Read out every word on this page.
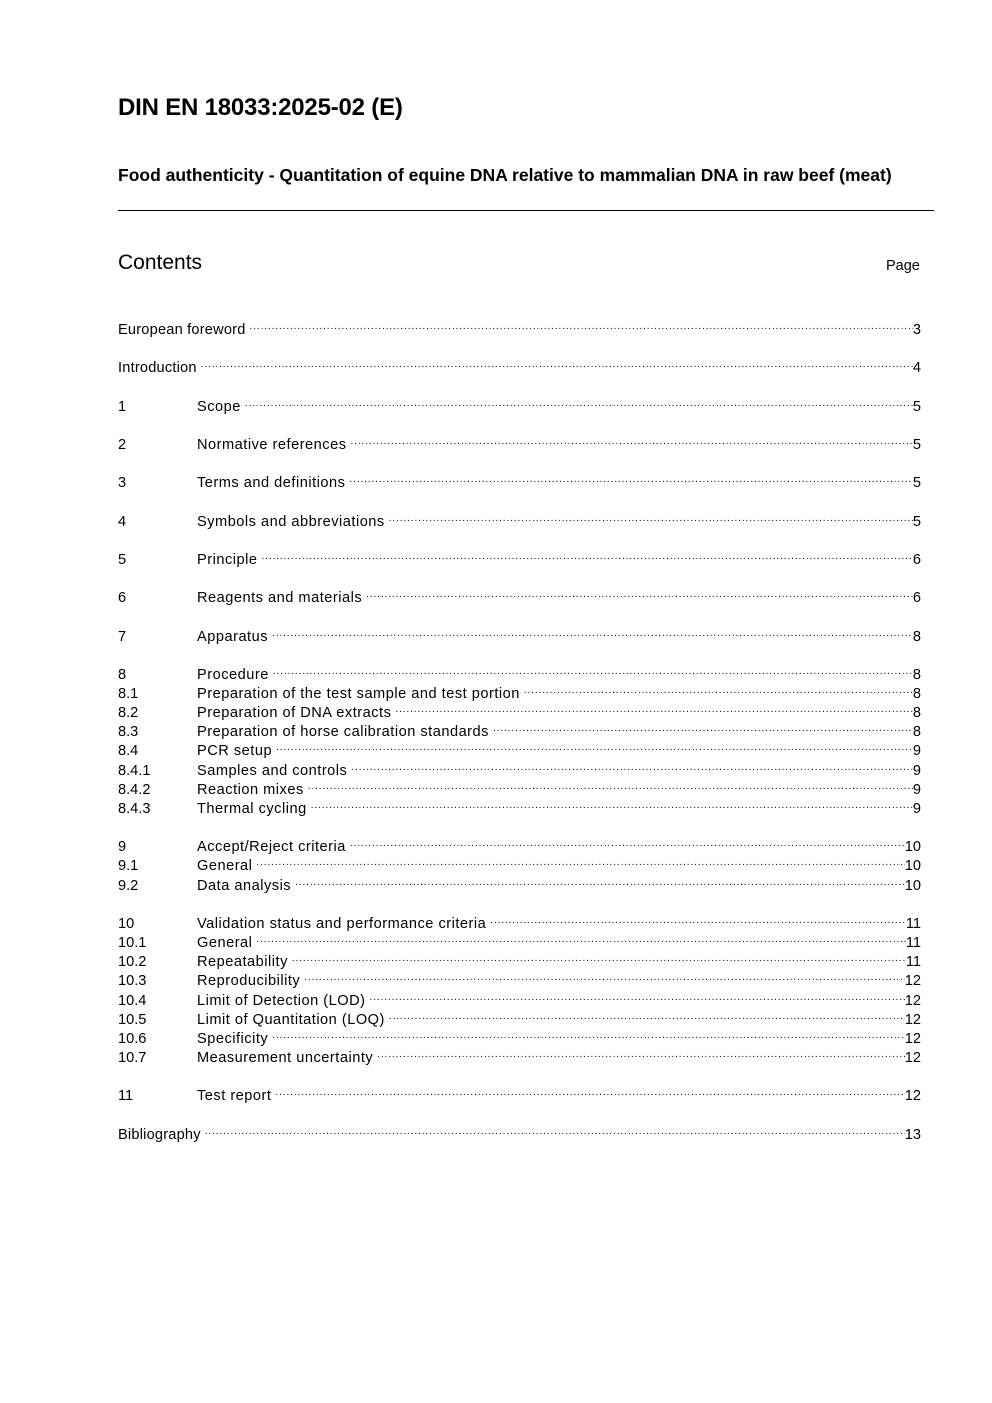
DIN EN 18033:2025-02 (E)
Food authenticity - Quantitation of equine DNA relative to mammalian DNA in raw beef (meat)
Contents	Page
European foreword .....	3
Introduction .....	4
1	Scope .....	5
2	Normative references .....	5
3	Terms and definitions .....	5
4	Symbols and abbreviations .....	5
5	Principle .....	6
6	Reagents and materials .....	6
7	Apparatus .....	8
8	Procedure .....	8
8.1	Preparation of the test sample and test portion .....	8
8.2	Preparation of DNA extracts .....	8
8.3	Preparation of horse calibration standards .....	8
8.4	PCR setup .....	9
8.4.1	Samples and controls .....	9
8.4.2	Reaction mixes .....	9
8.4.3	Thermal cycling .....	9
9	Accept/Reject criteria .....	10
9.1	General .....	10
9.2	Data analysis .....	10
10	Validation status and performance criteria .....	11
10.1	General .....	11
10.2	Repeatability .....	11
10.3	Reproducibility .....	12
10.4	Limit of Detection (LOD) .....	12
10.5	Limit of Quantitation (LOQ) .....	12
10.6	Specificity .....	12
10.7	Measurement uncertainty .....	12
11	Test report .....	12
Bibliography .....	13
